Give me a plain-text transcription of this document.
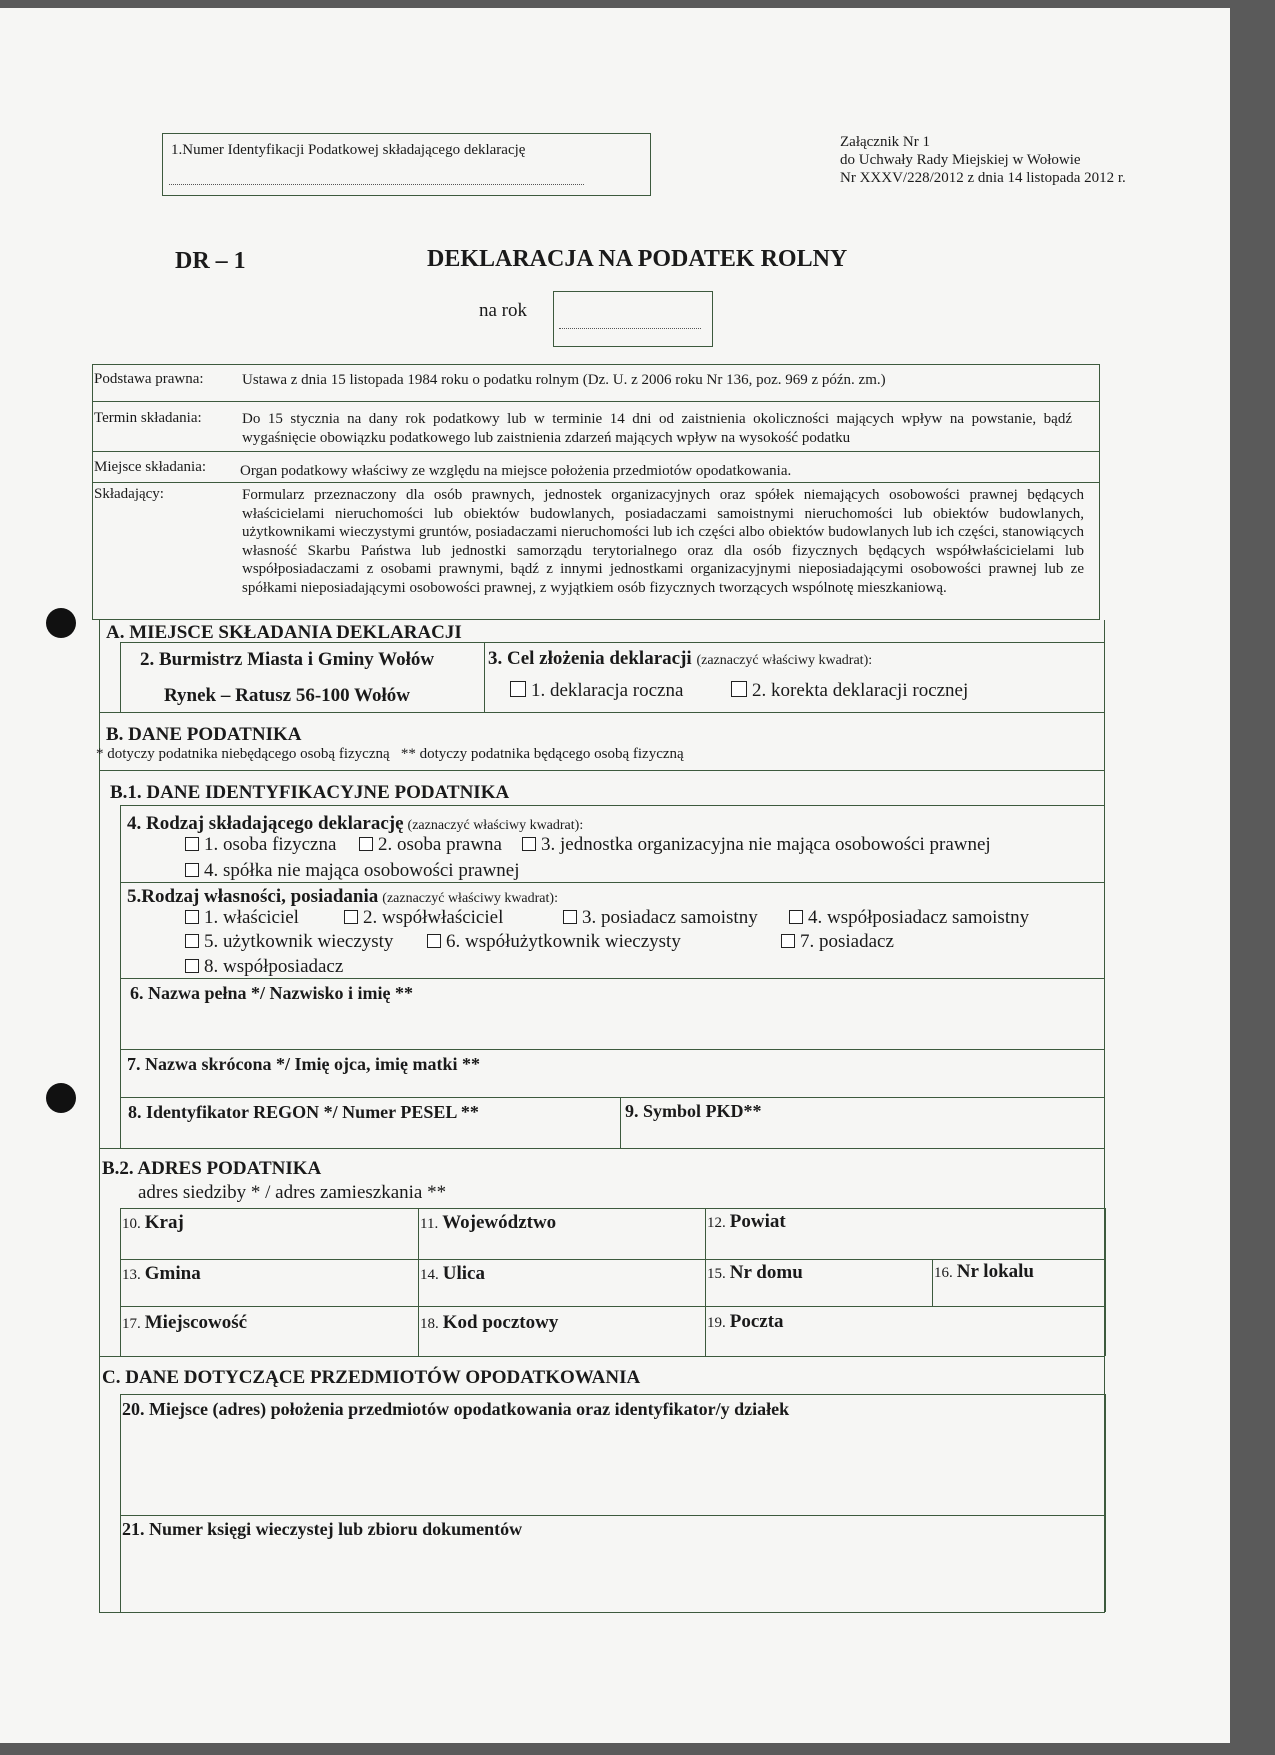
1.Numer Identyfikacji Podatkowej składającego deklarację	Załącznik Nr 1
do Uchwały Rady Miejskiej w Wołowie
Nr XXXV/228/2012 z dnia 14 listopada 2012 r.
DR – 1	DEKLARACJA NA PODATEK ROLNY
na rok
Podstawa prawna:	Ustawa z dnia 15 listopada 1984 roku o podatku rolnym (Dz. U. z 2006 roku Nr 136, poz. 969 z późn. zm.)
Termin składania:	Do 15 stycznia na dany rok podatkowy lub w terminie 14 dni od zaistnienia okoliczności mających wpływ na powstanie, bądź wygaśnięcie obowiązku podatkowego lub zaistnienia zdarzeń mających wpływ na wysokość podatku
Miejsce składania: Organ podatkowy właściwy ze względu na miejsce położenia przedmiotów opodatkowania.
Składający:	Formularz przeznaczony dla osób prawnych, jednostek organizacyjnych oraz spółek niemających osobowości prawnej będących właścicielami nieruchomości lub obiektów budowlanych, posiadaczami samoistnymi nieruchomości lub obiektów budowlanych, użytkownikami wieczystymi gruntów, posiadaczami nieruchomości lub ich części albo obiektów budowlanych lub ich części, stanowiących własność Skarbu Państwa lub jednostki samorządu terytorialnego oraz dla osób fizycznych będących współwłaścicielami lub współposiadaczami z osobami prawnymi, bądź z innymi jednostkami organizacyjnymi nieposiadającymi osobowości prawnej lub ze spółkami nieposiadającymi osobowości prawnej, z wyjątkiem osób fizycznych tworzących wspólnotę mieszkaniową.
A. MIEJSCE SKŁADANIA DEKLARACJI
2. Burmistrz Miasta i Gminy Wołów
Rynek – Ratusz 56-100 Wołów
3. Cel złożenia deklaracji (zaznaczyć właściwy kwadrat):
1. deklaracja roczna	2. korekta deklaracji rocznej
B. DANE PODATNIKA
* dotyczy podatnika niebędącego osobą fizyczną   ** dotyczy podatnika będącego osobą fizyczną
B.1. DANE IDENTYFIKACYJNE PODATNIKA
4. Rodzaj składającego deklarację (zaznaczyć właściwy kwadrat):
1. osoba fizyczna	2. osoba prawna	3. jednostka organizacyjna nie mająca osobowości prawnej
4. spółka nie mająca osobowości prawnej
5.Rodzaj własności, posiadania (zaznaczyć właściwy kwadrat):
1. właściciel	2. współwłaściciel	3. posiadacz samoistny	4. współposiadacz samoistny
5. użytkownik wieczysty	6. współużytkownik wieczysty	7. posiadacz
8. współposiadacz
6. Nazwa pełna */ Nazwisko i imię **
7. Nazwa skrócona */ Imię ojca, imię matki **
8. Identyfikator REGON */ Numer PESEL **	9. Symbol PKD**
B.2. ADRES PODATNIKA
adres siedziby * / adres zamieszkania **
10. Kraj	11. Województwo	12. Powiat
13. Gmina	14. Ulica	15. Nr domu	16. Nr lokalu
17. Miejscowość	18. Kod pocztowy	19. Poczta
C. DANE DOTYCZĄCE PRZEDMIOTÓW OPODATKOWANIA
20. Miejsce (adres) położenia przedmiotów opodatkowania oraz identyfikator/y działek
21. Numer księgi wieczystej lub zbioru dokumentów
